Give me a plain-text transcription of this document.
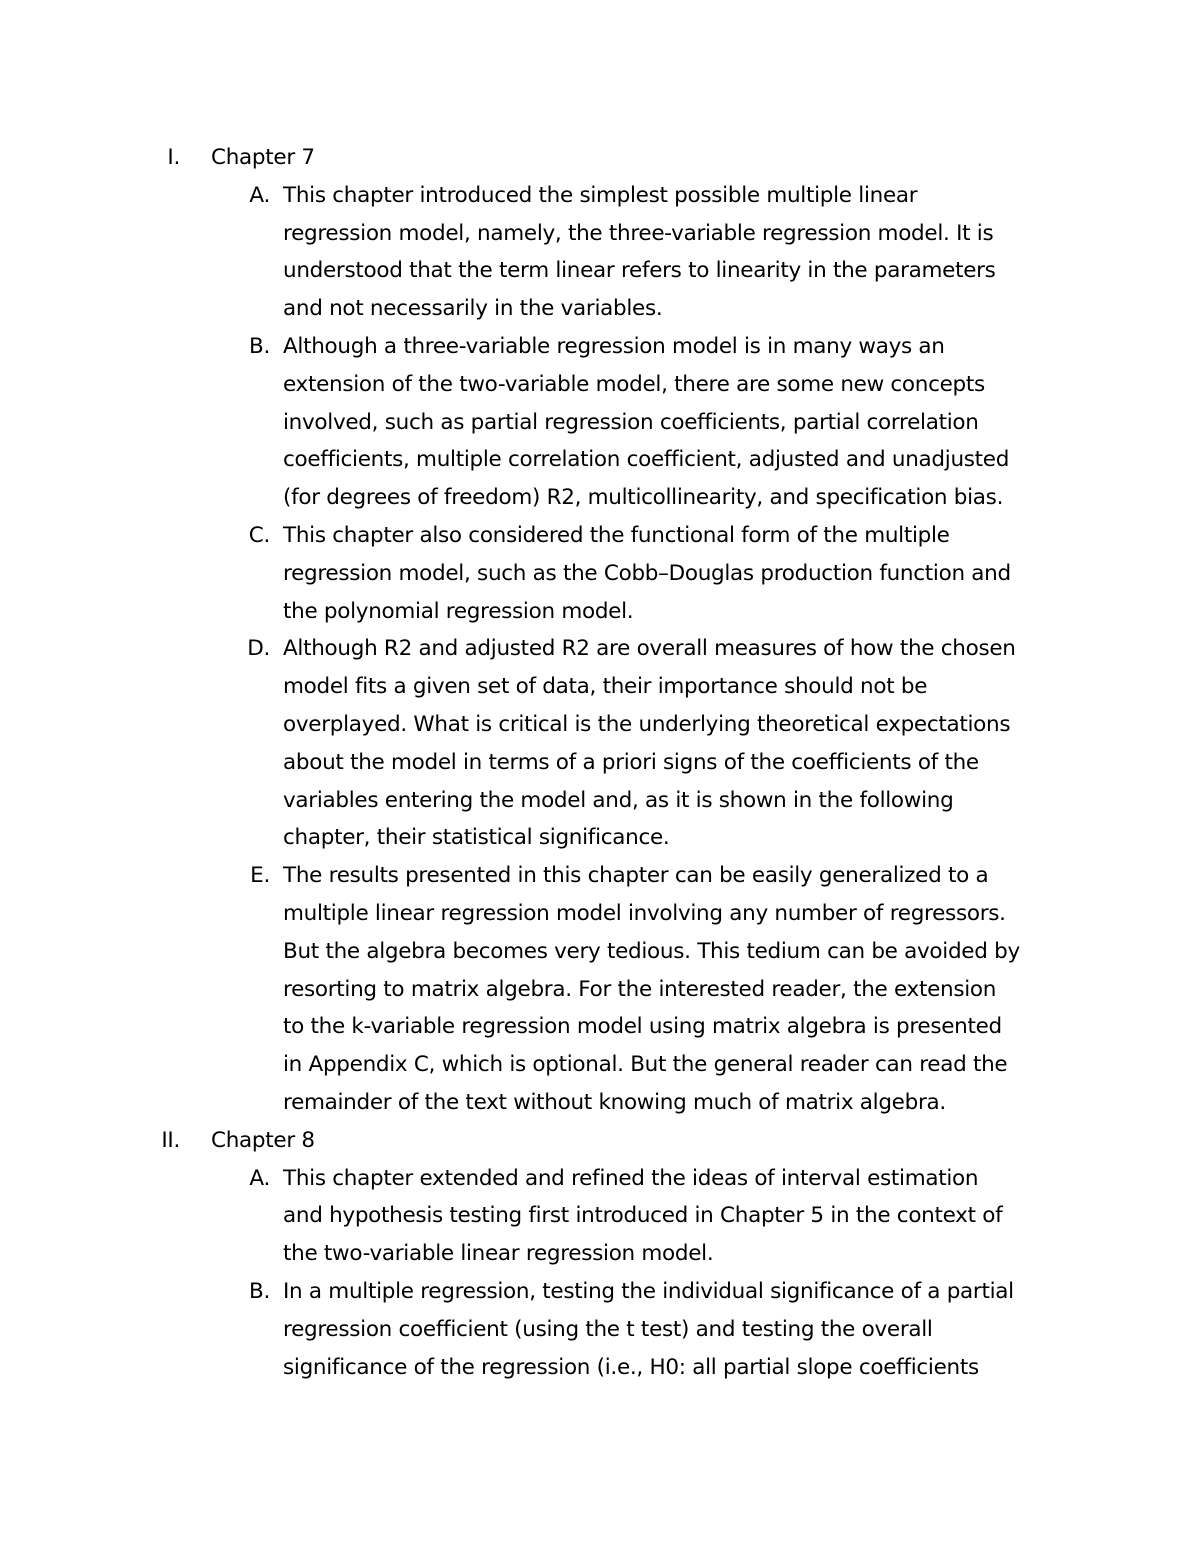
I. Chapter 7
A. This chapter introduced the simplest possible multiple linear
regression model, namely, the three-variable regression model. It is
understood that the term linear refers to linearity in the parameters
and not necessarily in the variables.
B. Although a three-variable regression model is in many ways an
extension of the two-variable model, there are some new concepts
involved, such as partial regression coefficients, partial correlation
coefficients, multiple correlation coefficient, adjusted and unadjusted
(for degrees of freedom) R2, multicollinearity, and specification bias.
C. This chapter also considered the functional form of the multiple
regression model, such as the Cobb–Douglas production function and
the polynomial regression model.
D. Although R2 and adjusted R2 are overall measures of how the chosen
model fits a given set of data, their importance should not be
overplayed. What is critical is the underlying theoretical expectations
about the model in terms of a priori signs of the coefficients of the
variables entering the model and, as it is shown in the following
chapter, their statistical significance.
E. The results presented in this chapter can be easily generalized to a
multiple linear regression model involving any number of regressors.
But the algebra becomes very tedious. This tedium can be avoided by
resorting to matrix algebra. For the interested reader, the extension
to the k-variable regression model using matrix algebra is presented
in Appendix C, which is optional. But the general reader can read the
remainder of the text without knowing much of matrix algebra.
II. Chapter 8
A. This chapter extended and refined the ideas of interval estimation
and hypothesis testing first introduced in Chapter 5 in the context of
the two-variable linear regression model.
B. In a multiple regression, testing the individual significance of a partial
regression coefficient (using the t test) and testing the overall
significance of the regression (i.e., H0: all partial slope coefficients
